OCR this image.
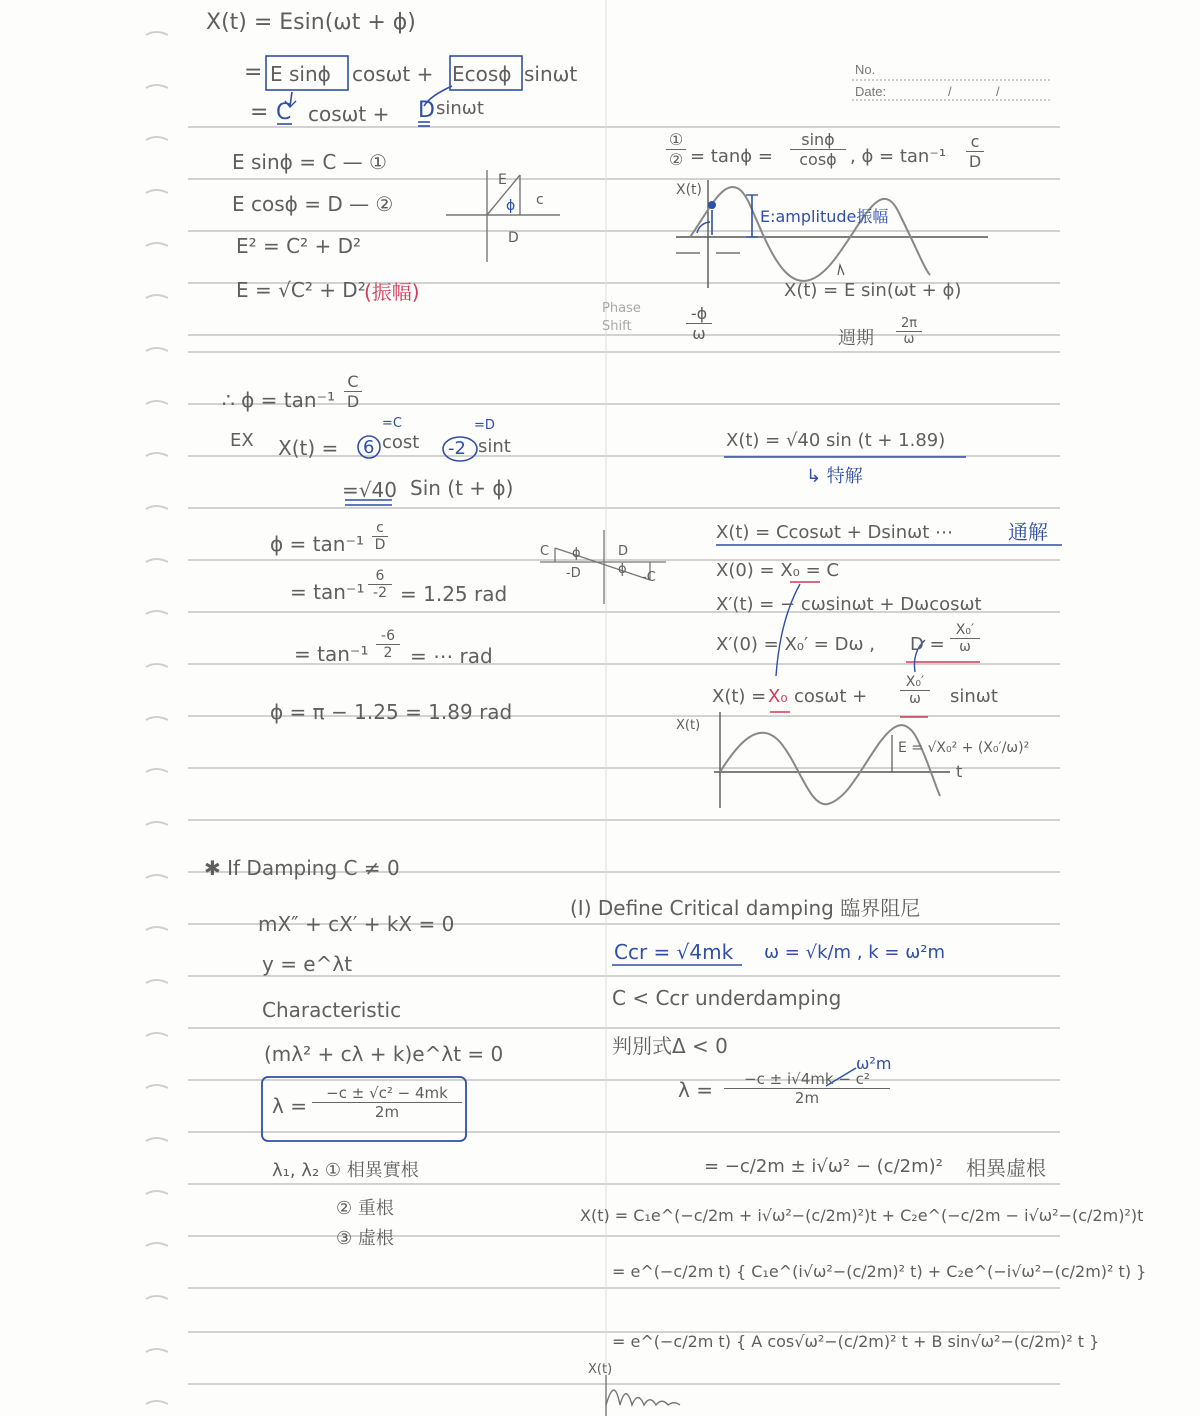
No.
Date:	/	/
X(t) = Esin(ωt + ϕ)
= E sinϕ cosωt + Ecosϕ sinωt
= C cosωt + D sinωt
E sinϕ = C — ①
E cosϕ = D — ②
E² = C² + D²
E = √C² + D²
(振幅)
E
ϕ c
D
①
② = $\tan\phi = \frac{\sin\phi}{\cos\phi}$ , $\phi = \tan^{-1} \frac{c}{D}$
X(t)
E:amplitude振幅
X(t) = E sin(ωt + ϕ)
Phase
Shift	$\frac{-\phi}{\omega}$	週期 $\frac{2\pi}{\omega}$
∴ $\phi = \tan^{-1} \frac{C}{D}$
EX X(t) = 6 cost -2 sint
=C	=D
=√40 Sin (t + ϕ)
$\phi = \tan^{-1} \frac{c}{D}$
= $\tan^{-1} \frac{6}{-2} = 1.25$ rad
= $\tan^{-1} \frac{-6}{2}$ = ⋯ rad
ϕ = π − 1.25 = 1.89 rad
C ϕ
-D
D
ϕ
-C
X(t) = √40 sin (t + 1.89)
↳ 特解
X(t) = Ccosωt + Dsinωt ⋯	通解
X(0) = X₀ = C
X′(t) = − cωsinωt + Dωcosωt
X′(0) = X₀′ = Dω , $D = \frac{\text{X₀′}}{\omega}$
X(t) = X₀ $\cos\omega t + \frac{\text{X₀′}}{\omega}$ sinωt
X(t)
E = √X₀² + (X₀′/ω)²
t
✱ If Damping C ≠ 0
mX″ + cX′ + kX = 0
y = e^λt
Characteristic
(mλ² + cλ + k)e^λt = 0
$\lambda = \frac{\text{−c ± √c² − 4mk}}{2m}$
λ₁, λ₂ ① 相異實根
② 重根
③ 虛根
(I) Define Critical damping 臨界阻尼
Ccr = √4mk ω = √k/m , k = ω²m
C < Ccr underdamping
判別式Δ < 0
$\lambda = \frac{\text{−c ± i√4mk − c²}}{2m}$
ω²m
= −c/2m ± i√ω² − (c/2m)² 相異虛根
X(t) = C₁e^(−c/2m + i√ω²−(c/2m)²)t + C₂e^(−c/2m − i√ω²−(c/2m)²)t
= e^(−c/2m t) { C₁e^(i√ω²−(c/2m)² t) + C₂e^(−i√ω²−(c/2m)² t) }
= e^(−c/2m t) { A cos√ω²−(c/2m)² t + B sin√ω²−(c/2m)² t }
X(t)
